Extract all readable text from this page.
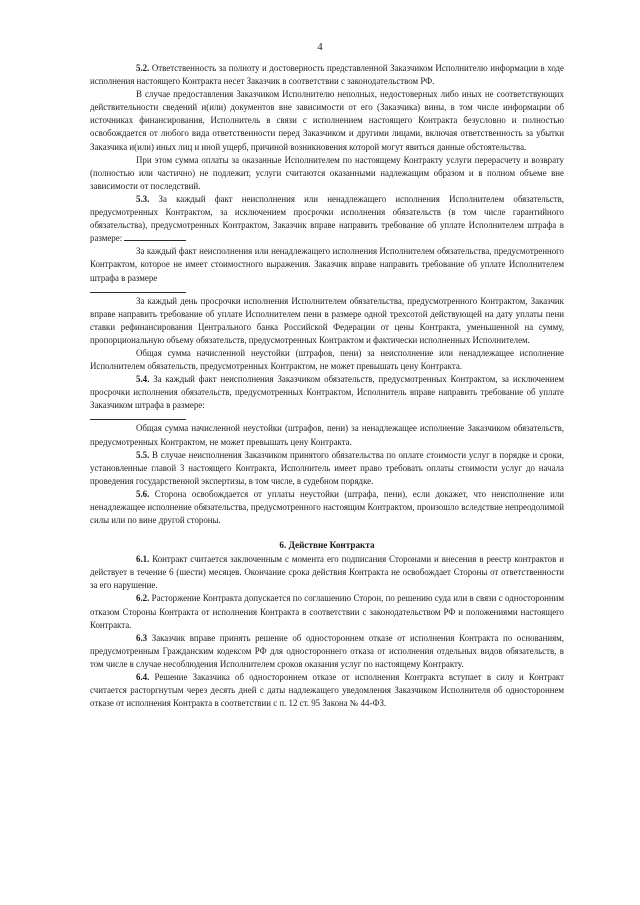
4

5.2. Ответственность за полноту и достоверность представленной Заказчиком Исполнителю информации в ходе исполнения настоящего Контракта несет Заказчик в соответствии с законодательством РФ.

В случае предоставления Заказчиком Исполнителю неполных, недостоверных либо иных не соответствующих действительности сведений и(или) документов вне зависимости от его (Заказчика) вины, в том числе информации об источниках финансирования, Исполнитель в связи с исполнением настоящего Контракта безусловно и полностью освобождается от любого вида ответственности перед Заказчиком и другими лицами, включая ответственность за убытки Заказчика и(или) иных лиц и иной ущерб, причиной возникновения которой могут явиться данные обстоятельства.

При этом сумма оплаты за оказанные Исполнителем по настоящему Контракту услуги перерасчету и возврату (полностью или частично) не подлежит, услуги считаются оказанными надлежащим образом и в полном объеме вне зависимости от последствий.

5.3. За каждый факт неисполнения или ненадлежащего исполнения Исполнителем обязательств, предусмотренных Контрактом, за исключением просрочки исполнения обязательств (в том числе гарантийного обязательства), предусмотренных Контрактом, Заказчик вправе направить требование об уплате Исполнителем штрафа в размере:

За каждый факт неисполнения или ненадлежащего исполнения Исполнителем обязательства, предусмотренного Контрактом, которое не имеет стоимостного выражения. Заказчик вправе направить требование об уплате Исполнителем штрафа в размере

За каждый день просрочки исполнения Исполнителем обязательства, предусмотренного Контрактом, Заказчик вправе направить требование об уплате Исполнителем пени в размере одной трехсотой действующей на дату уплаты пени ставки рефинансирования Центрального банка Российской Федерации от цены Контракта, уменьшенной на сумму, пропорциональную объему обязательств, предусмотренных Контрактом и фактически исполненных Исполнителем.

Общая сумма начисленной неустойки (штрафов, пени) за неисполнение или ненадлежащее исполнение Исполнителем обязательств, предусмотренных Контрактом, не может превышать цену Контракта.

5.4. За каждый факт неисполнения Заказчиком обязательств, предусмотренных Контрактом, за исключением просрочки исполнения обязательств, предусмотренных Контрактом, Исполнитель вправе направить требование об уплате Заказчиком штрафа в размере:

Общая сумма начисленной неустойки (штрафов, пени) за ненадлежащее исполнение Заказчиком обязательств, предусмотренных Контрактом, не может превышать цену Контракта.

5.5. В случае неисполнения Заказчиком принятого обязательства по оплате стоимости услуг в порядке и сроки, установленные главой 3 настоящего Контракта, Исполнитель имеет право требовать оплаты стоимости услуг до начала проведения государственной экспертизы, в том числе, в судебном порядке.

5.6. Сторона освобождается от уплаты неустойки (штрафа, пени), если докажет, что неисполнение или ненадлежащее исполнение обязательства, предусмотренного настоящим Контрактом, произошло вследствие непреодолимой силы или по вине другой стороны.

6. Действие Контракта

6.1. Контракт считается заключенным с момента его подписания Сторонами и внесения в реестр контрактов и действует в течение 6 (шести) месяцев. Окончание срока действия Контракта не освобождает Стороны от ответственности за его нарушение.

6.2. Расторжение Контракта допускается по соглашению Сторон, по решению суда или в связи с односторонним отказом Стороны Контракта от исполнения Контракта в соответствии с законодательством РФ и положениями настоящего Контракта.

6.3 Заказчик вправе принять решение об одностороннем отказе от исполнения Контракта по основаниям, предусмотренным Гражданским кодексом РФ для одностороннего отказа от исполнения отдельных видов обязательств, в том числе в случае несоблюдения Исполнителем сроков оказания услуг по настоящему Контракту.

6.4. Решение Заказчика об одностороннем отказе от исполнения Контракта вступает в силу и Контракт считается расторгнутым через десять дней с даты надлежащего уведомления Заказчиком Исполнителя об одностороннем отказе от исполнения Контракта в соответствии с п. 12 ст. 95 Закона № 44-ФЗ.
